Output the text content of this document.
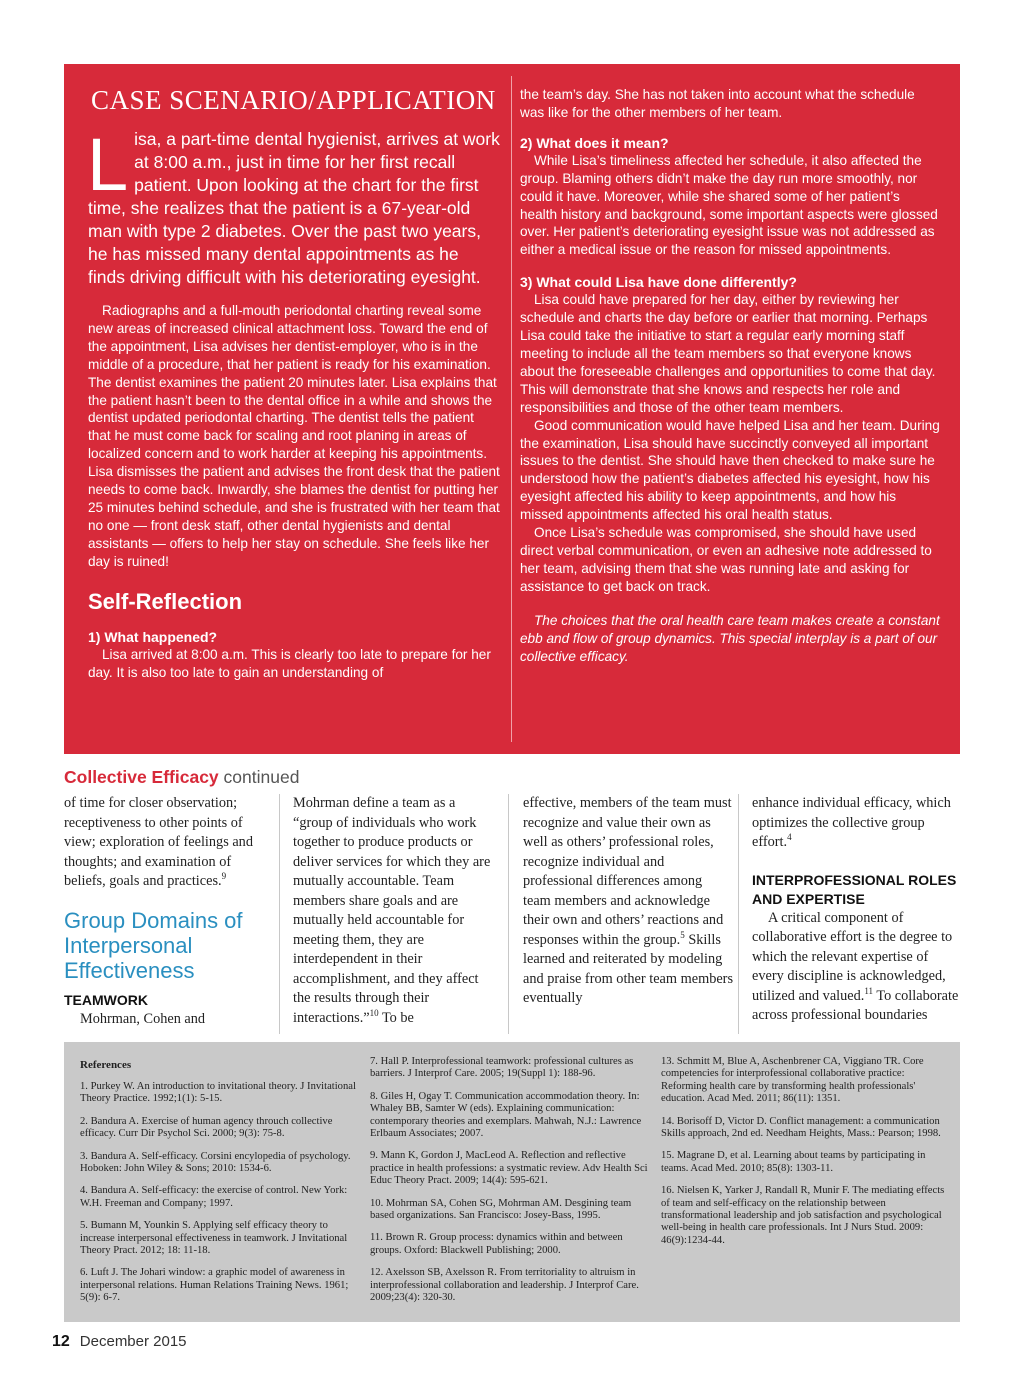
CASE SCENARIO/APPLICATION

Lisa, a part-time dental hygienist, arrives at work at 8:00 a.m., just in time for her first recall patient. Upon looking at the chart for the first time, she realizes that the patient is a 67-year-old man with type 2 diabetes. Over the past two years, he has missed many dental appointments as he finds driving difficult with his deteriorating eyesight.

Radiographs and a full-mouth periodontal charting reveal some new areas of increased clinical attachment loss. Toward the end of the appointment, Lisa advises her dentist-employer, who is in the middle of a procedure, that her patient is ready for his examination. The dentist examines the patient 20 minutes later. Lisa explains that the patient hasn’t been to the dental office in a while and shows the dentist updated periodontal charting. The dentist tells the patient that he must come back for scaling and root planing in areas of localized concern and to work harder at keeping his appointments. Lisa dismisses the patient and advises the front desk that the patient needs to come back. Inwardly, she blames the dentist for putting her 25 minutes behind schedule, and she is frustrated with her team that no one — front desk staff, other dental hygienists and dental assistants — offers to help her stay on schedule. She feels like her day is ruined!

Self-Reflection
1) What happened?

Lisa arrived at 8:00 a.m. This is clearly too late to prepare for her day. It is also too late to gain an understanding of

the team’s day. She has not taken into account what the schedule was like for the other members of her team.

2) What does it mean?

While Lisa’s timeliness affected her schedule, it also affected the group. Blaming others didn’t make the day run more smoothly, nor could it have. Moreover, while she shared some of her patient’s health history and background, some important aspects were glossed over. Her patient’s deteriorating eyesight issue was not addressed as either a medical issue or the reason for missed appointments.

3) What could Lisa have done differently?

Lisa could have prepared for her day, either by reviewing her schedule and charts the day before or earlier that morning. Perhaps Lisa could take the initiative to start a regular early morning staff meeting to include all the team members so that everyone knows about the foreseeable challenges and opportunities to come that day. This will demonstrate that she knows and respects her role and responsibilities and those of the other team members.

Good communication would have helped Lisa and her team. During the examination, Lisa should have succinctly conveyed all important issues to the dentist. She should have then checked to make sure he understood how the patient’s diabetes affected his eyesight, how his eyesight affected his ability to keep appointments, and how his missed appointments affected his oral health status.

Once Lisa’s schedule was compromised, she should have used direct verbal communication, or even an adhesive note addressed to her team, advising them that she was running late and asking for assistance to get back on track.

The choices that the oral health care team makes create a constant ebb and flow of group dynamics. This special interplay is a part of our collective efficacy.

Collective Efficacy continued

of time for closer observation; receptiveness to other points of view; exploration of feelings and thoughts; and examination of beliefs, goals and practices.$^9$

Group Domains of Interpersonal Effectiveness
TEAMWORK

Mohrman, Cohen and

Mohrman define a team as a “group of individuals who work together to produce products or deliver services for which they are mutually accountable. Team members share goals and are mutually held accountable for meeting them, they are interdependent in their accomplishment, and they affect the results through their interactions.”$^{10}$ To be

effective, members of the team must recognize and value their own as well as others’ professional roles, recognize individual and professional differences among team members and acknowledge their own and others’ reactions and responses within the group.$^5$ Skills learned and reiterated by modeling and praise from other team members eventually

enhance individual efficacy, which optimizes the collective group effort.$^4$

INTERPROFESSIONAL ROLES AND EXPERTISE

A critical component of collaborative effort is the degree to which the relevant expertise of every discipline is acknowledged, utilized and valued.$^{11}$ To collaborate across professional boundaries

References

1. Purkey W. An introduction to invitational theory. J Invitational Theory Practice. 1992;1(1): 5-15.

2. Bandura A. Exercise of human agency throuch collective efficacy. Curr Dir Psychol Sci. 2000; 9(3): 75-8.

3. Bandura A. Self-efficacy. Corsini encylopedia of psychology. Hoboken: John Wiley & Sons; 2010: 1534-6.

4. Bandura A. Self-efficacy: the exercise of control. New York: W.H. Freeman and Company; 1997.

5. Bumann M, Younkin S. Applying self efficacy theory to increase interpersonal effectiveness in teamwork. J Invitational Theory Pract. 2012; 18: 11-18.

6. Luft J. The Johari window: a graphic model of awareness in interpersonal relations. Human Relations Training News. 1961; 5(9): 6-7.

7. Hall P. Interprofessional teamwork: professional cultures as barriers. J Interprof Care. 2005; 19(Suppl 1): 188-96.

8. Giles H, Ogay T. Communication accommodation theory. In: Whaley BB, Samter W (eds). Explaining communication: contemporary theories and exemplars. Mahwah, N.J.: Lawrence Erlbaum Associates; 2007.

9. Mann K, Gordon J, MacLeod A. Reflection and reflective practice in health professions: a systmatic review. Adv Health Sci Educ Theory Pract. 2009; 14(4): 595-621.

10. Mohrman SA, Cohen SG, Mohrman AM. Desgining team based organizations. San Francisco: Josey-Bass, 1995.

11. Brown R. Group process: dynamics within and between groups. Oxford: Blackwell Publishing; 2000.

12. Axelsson SB, Axelsson R. From territoriality to altruism in interprofessional collaboration and leadership. J Interprof Care. 2009;23(4): 320-30.

13. Schmitt M, Blue A, Aschenbrener CA, Viggiano TR. Core competencies for interprofessional collaborative practice: Reforming health care by transforming health professionals' education. Acad Med. 2011; 86(11): 1351.

14. Borisoff D, Victor D. Conflict management: a communication Skills approach, 2nd ed. Needham Heights, Mass.: Pearson; 1998.

15. Magrane D, et al. Learning about teams by participating in teams. Acad Med. 2010; 85(8): 1303-11.

16. Nielsen K, Yarker J, Randall R, Munir F. The mediating effects of team and self-efficacy on the relationship between transformational leadership and job satisfaction and psychological well-being in health care professionals. Int J Nurs Stud. 2009: 46(9):1234-44.

12 December 2015
